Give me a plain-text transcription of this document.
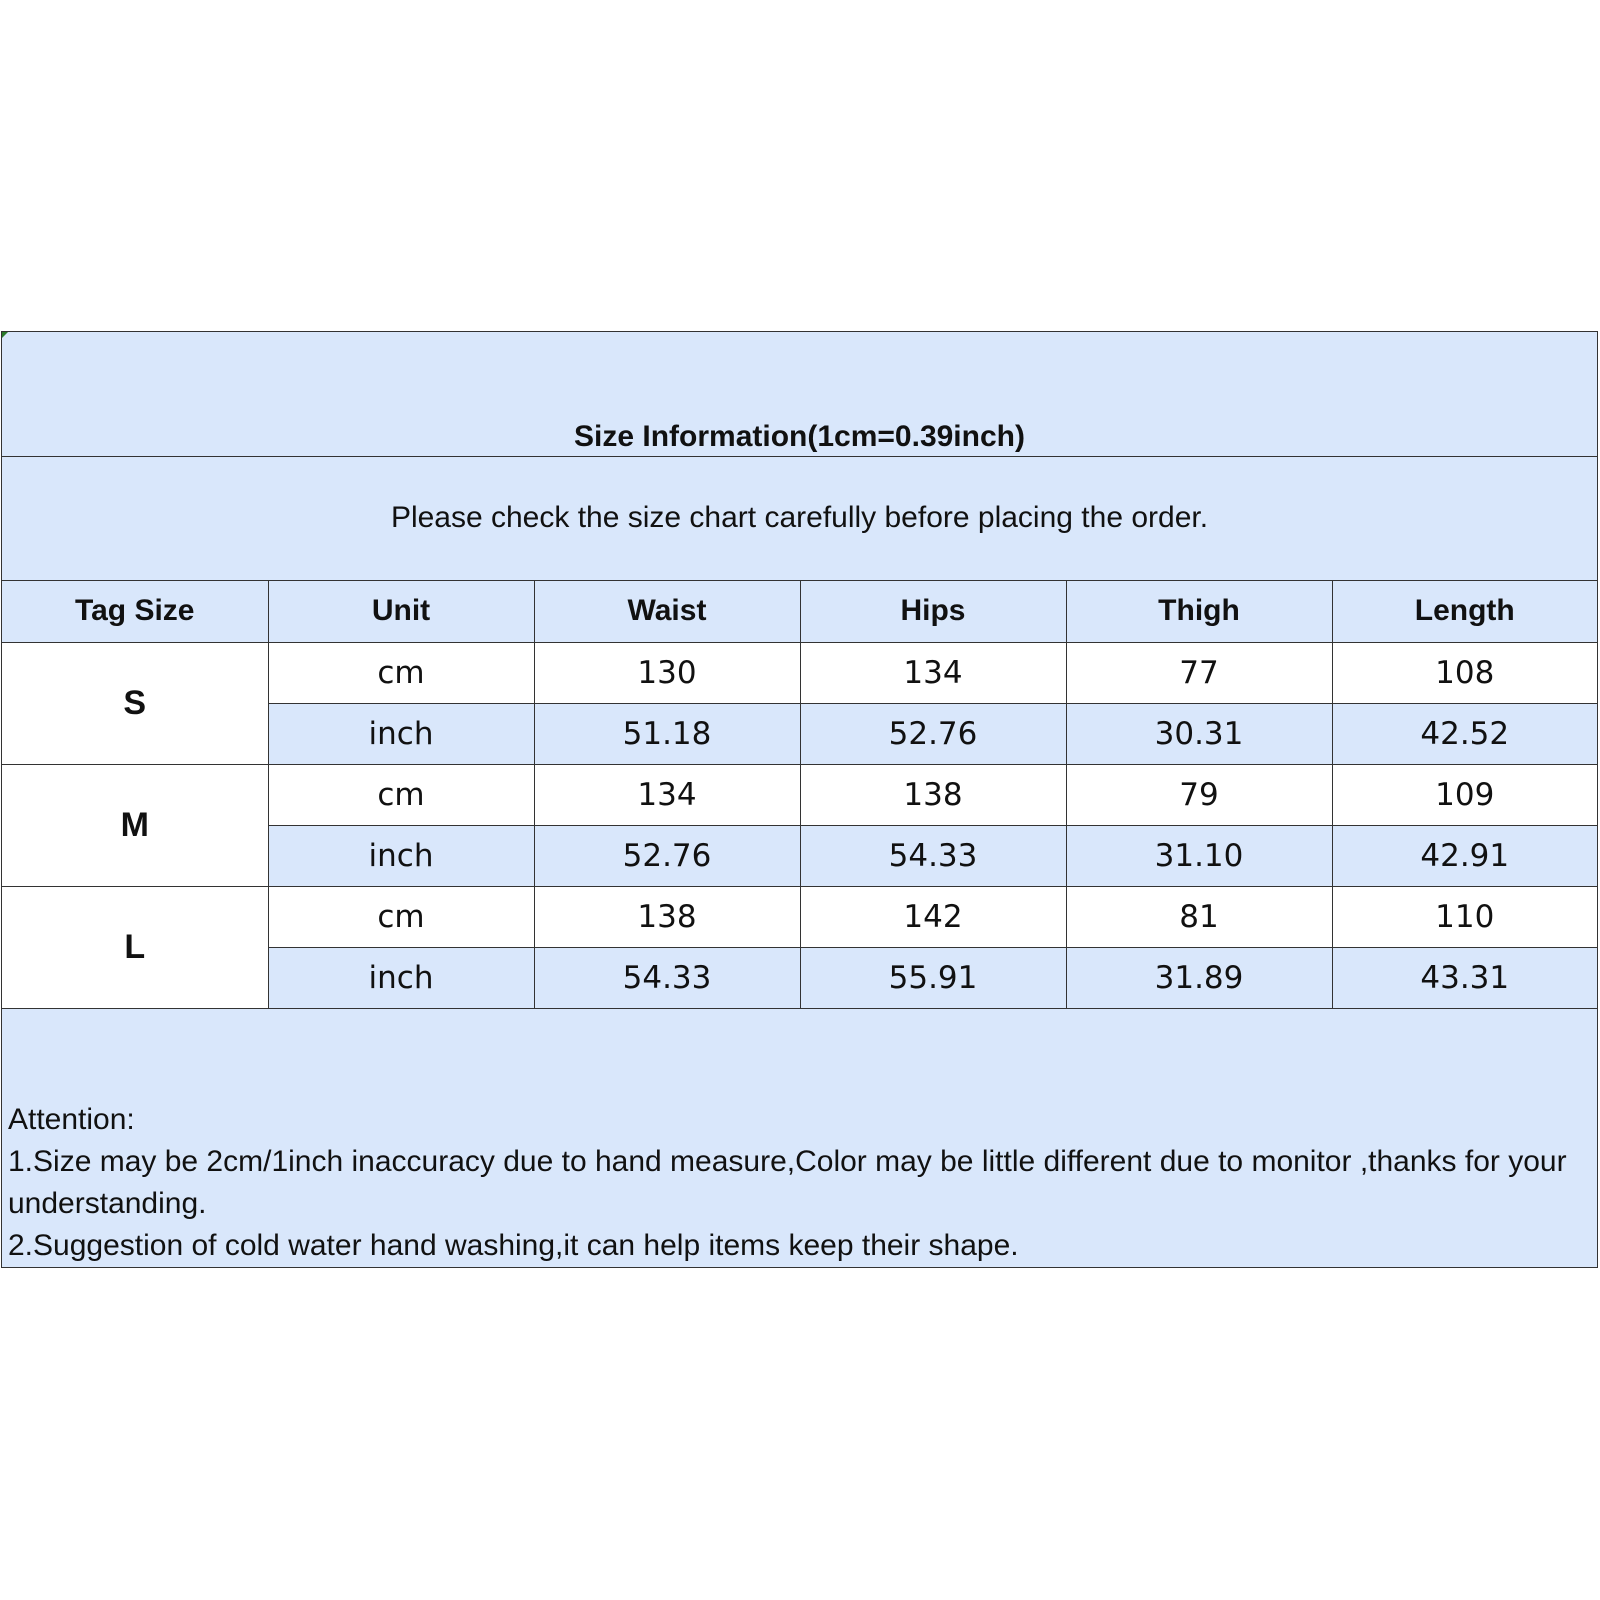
Size Information(1cm=0.39inch)
Please check the size chart carefully before placing the order.
Tag Size	Unit	Waist	Hips	Thigh	Length
S	cm	130	134	77	108
	inch	51.18	52.76	30.31	42.52
M	cm	134	138	79	109
	inch	52.76	54.33	31.10	42.91
L	cm	138	142	81	110
	inch	54.33	55.91	31.89	43.31
Attention:
1.Size may be 2cm/1inch inaccuracy due to hand measure,Color may be little different due to monitor ,thanks for your understanding.
2.Suggestion of cold water hand washing,it can help items keep their shape.
